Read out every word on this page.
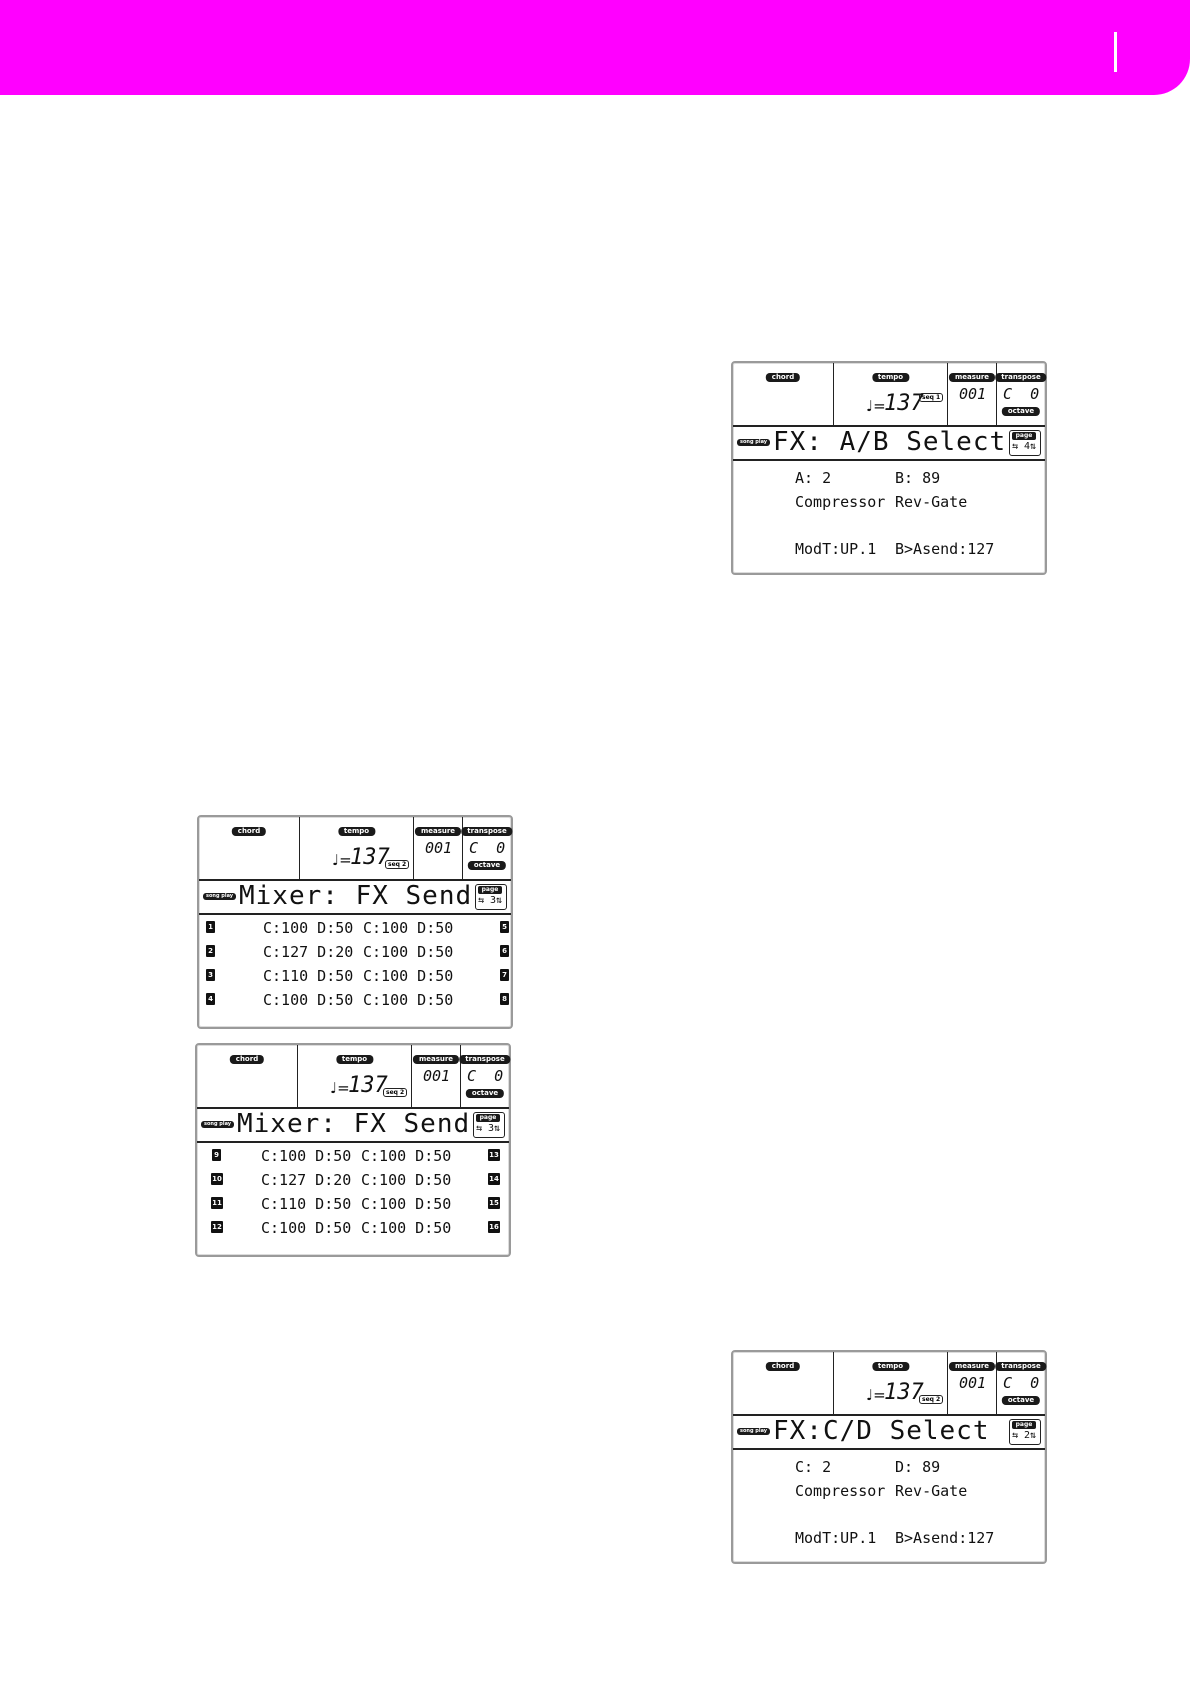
chord	tempo
♩=
137
seq 1
measure
001
transpose
C  0
octave
song play FX: A/B Select	page
⇆ 4⇅
A: 2	B: 89
Compressor Rev-Gate
ModT:UP.1 B>Asend:127
chord	tempo
♩=
137
seq 2
measure
001
transpose
C  0
octave
song play Mixer: FX Send	page
⇆ 3⇅
1	C:100 D:50 C:100 D:50	5
2	C:127 D:20 C:100 D:50	6
3	C:110 D:50 C:100 D:50	7
4	C:100 D:50 C:100 D:50	8
chord	tempo
♩=
137
seq 2
measure
001
transpose
C  0
octave
song play Mixer: FX Send	page
⇆ 3⇅
9	C:100 D:50 C:100 D:50	13
10	C:127 D:20 C:100 D:50	14
11	C:110 D:50 C:100 D:50	15
12	C:100 D:50 C:100 D:50	16
chord	tempo
♩=
137
seq 2
measure
001
transpose
C  0
octave
song play FX:C/D Select	page
⇆ 2⇅
C: 2	D: 89
Compressor Rev-Gate
ModT:UP.1 B>Asend:127
